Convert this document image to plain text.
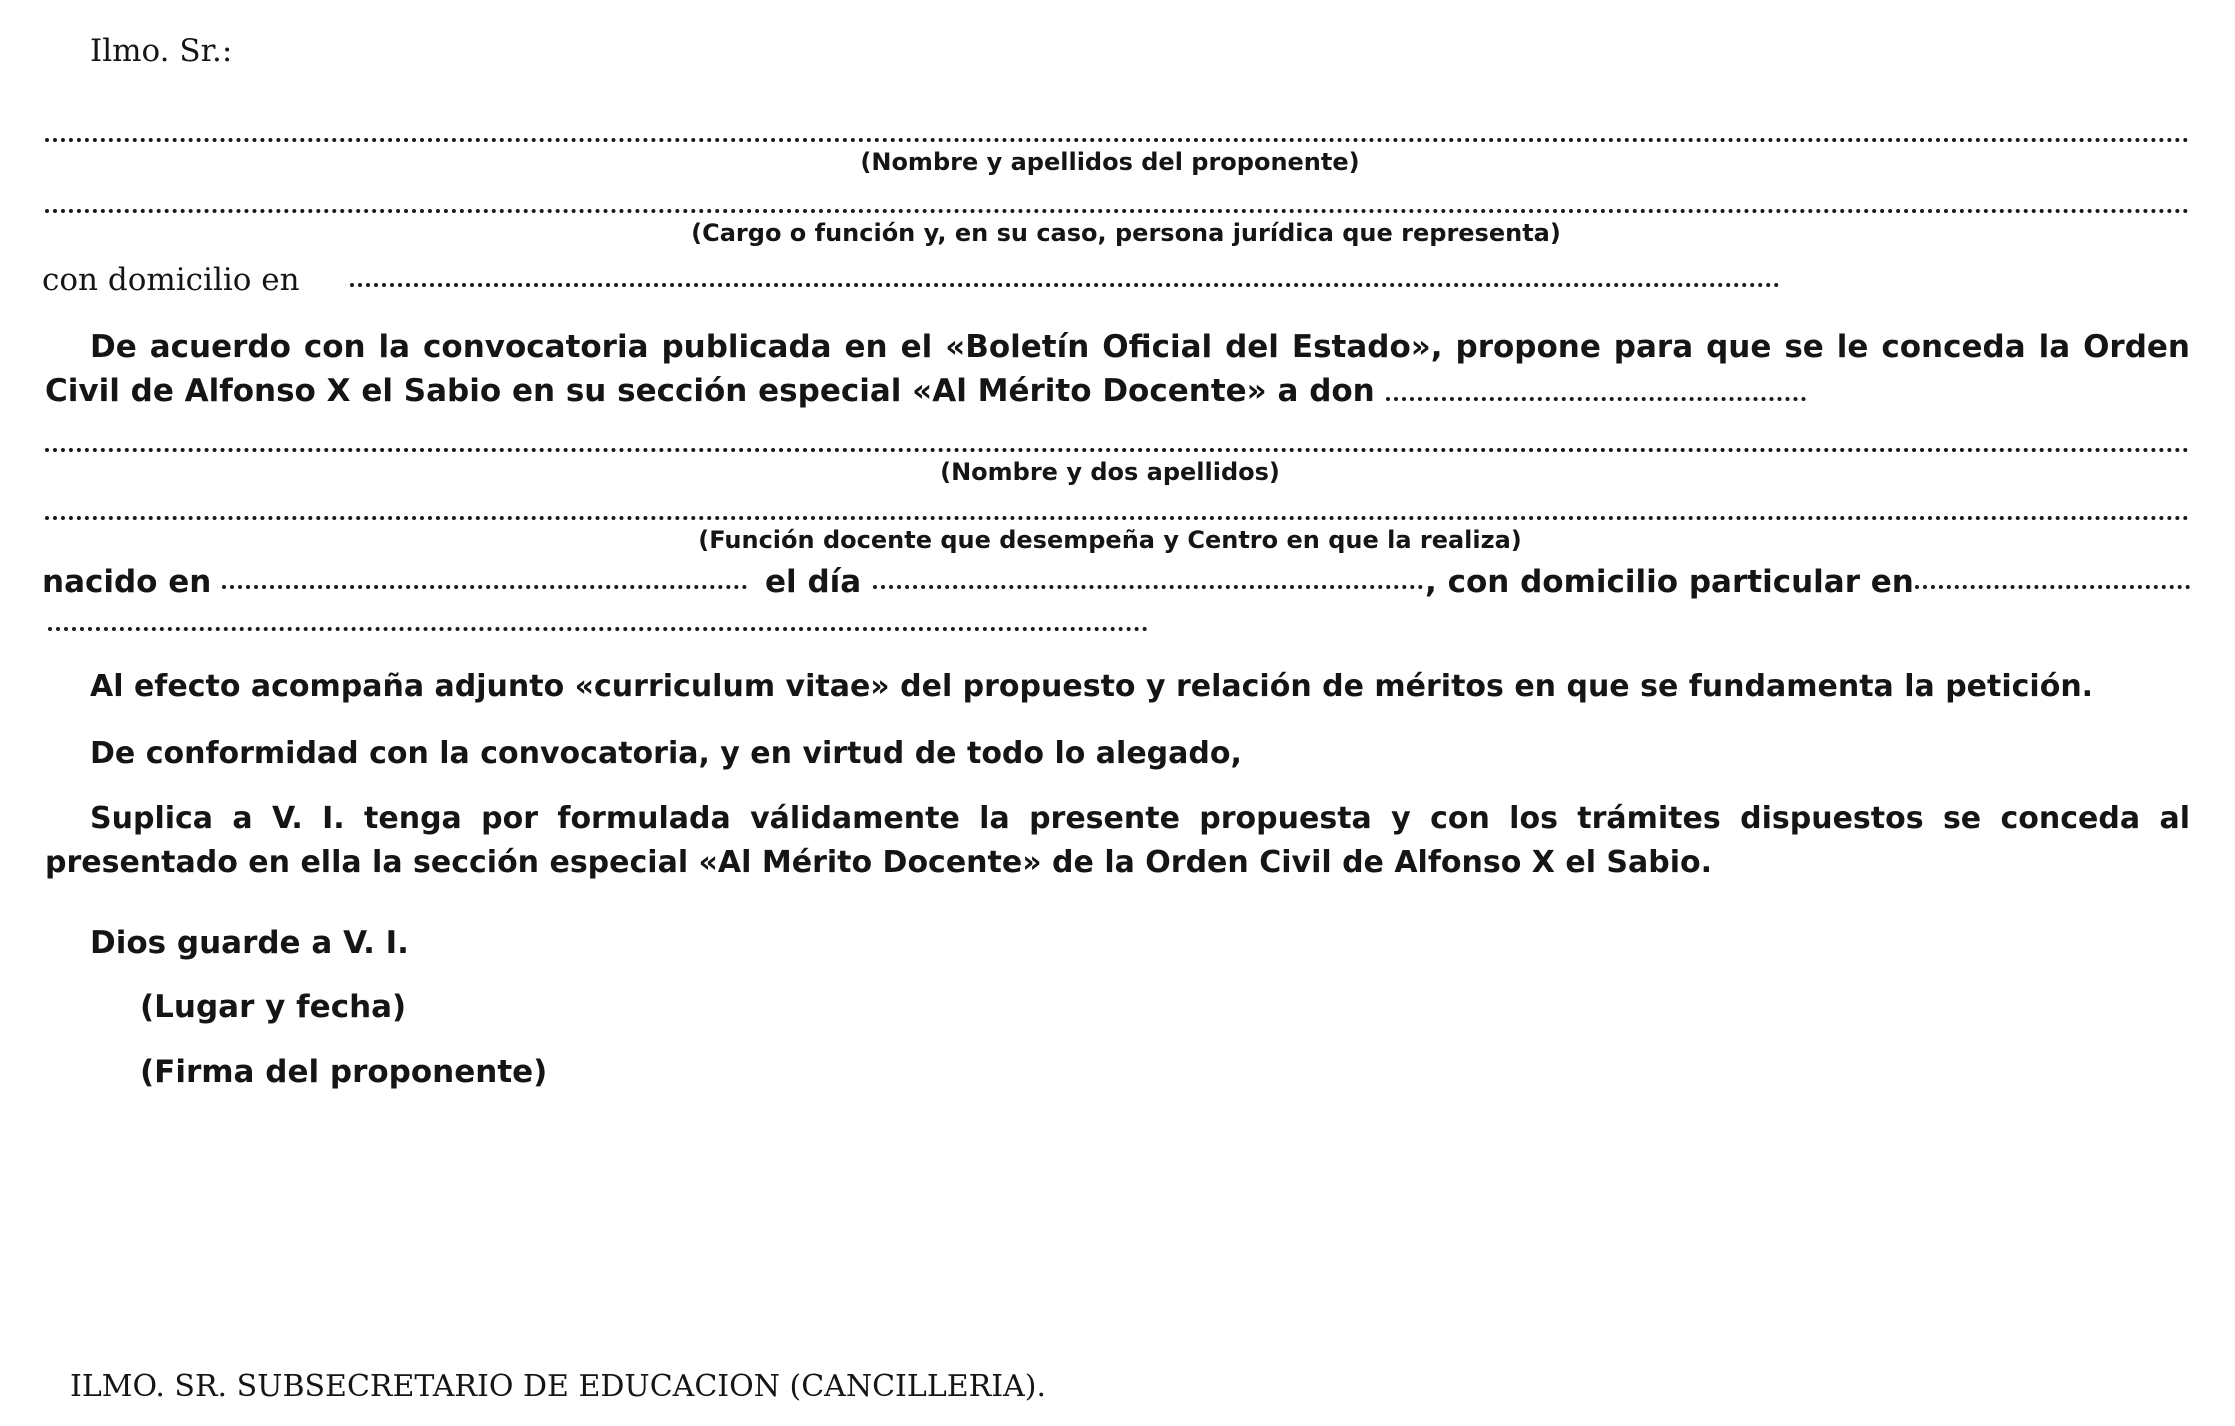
Ilmo. Sr.:
(Nombre y apellidos del proponente)
(Cargo o función y, en su caso, persona jurídica que representa)
con domicilio en
De acuerdo con la convocatoria publicada en el «Boletín Oficial del Estado», propone para que se le conceda la Orden Civil de Alfonso X el Sabio en su sección especial «Al Mérito Docente» a don
(Nombre y dos apellidos)
(Función docente que desempeña y Centro en que la realiza)
nacido en	el día	, con domicilio particular en
Al efecto acompaña adjunto «curriculum vitae» del propuesto y relación de méritos en que se fundamenta la petición.
De conformidad con la convocatoria, y en virtud de todo lo alegado,
Suplica a V. I. tenga por formulada válidamente la presente propuesta y con los trámites dispuestos se conceda al presentado en ella la sección especial «Al Mérito Docente» de la Orden Civil de Alfonso X el Sabio.
Dios guarde a V. I.
(Lugar y fecha)
(Firma del proponente)
ILMO. SR. SUBSECRETARIO DE EDUCACION (CANCILLERIA).
